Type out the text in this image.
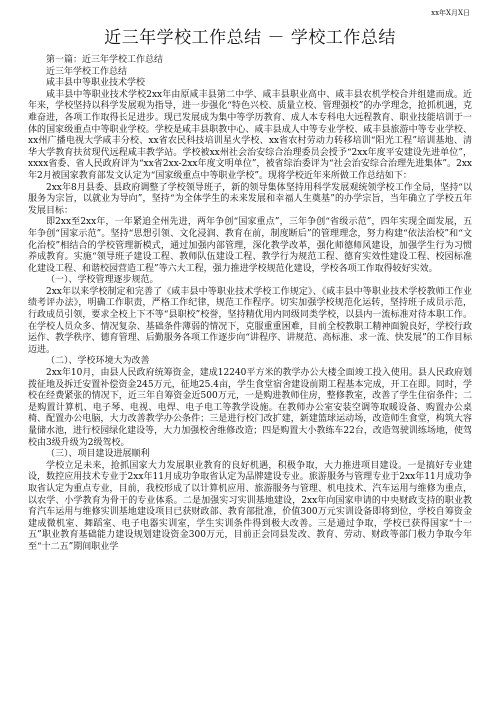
xx年X月X日
近三年学校工作总结 － 学校工作总结

第一篇：近三年学校工作总结

近三年学校工作总结

咸丰县中等职业技术学校

咸丰县中等职业技术学校2xx年由原咸丰县第二中学、咸丰县职业高中、咸丰县农机学校合并组建而成。近年来，学校坚持以科学发展观为指导，进一步强化“特色兴校、质量立校、管理强校”的办学理念，抢抓机遇，克难奋进，各项工作取得长足进步。现已发展成为集中等学历教育、成人本专科电大远程教育、职业技能培训于一体的国家级重点中等职业学校。学校是咸丰县职教中心、咸丰县成人中等专业学校、咸丰县旅游中等专业学校、xx州广播电视大学咸丰分校、xx省农民科技培训星火学校、xx省农村劳动力转移培训“阳光工程”培训基地、清华大学教育扶贫现代远程咸丰教学站。学校被xx州社会治安综合治理委员会授予“2xx年度平安建设先进单位”，xxxx省委、省人民政府评为“xx省2xx-2xx年度文明单位”，被省综治委评为“社会治安综合治理先进集体”。2xx年2月被国家教育部发文认定为“国家级重点中等职业学校”。现将学校近年来所做工作总结如下：

2xx年8月县委、县政府调整了学校领导班子，新的领导集体坚持用科学发展观统领学校工作全局，坚持“以服务为宗旨，以就业为导向”，坚持“为全体学生的未来发展和幸福人生奠基”的办学宗旨，当年确立了学校五年发展目标：

即2xx至2xx年，一年紧追全州先进，两年争创“国家重点”，三年争创“省级示范”，四年实现全面发展，五年争创“国家示范”。坚持“思想引领、文化浸润、教育在前，制度断后”的管理理念，努力构建“依法治校”和“文化治校”相结合的学校管理新模式，通过加强内部管理，深化教学改革，强化师德师风建设，加强学生行为习惯养成教育。实施“领导班子建设工程、教师队伍建设工程、教学行为规范工程、德育实效性建设工程、校园标准化建设工程、和谐校园营造工程”等六大工程，强力推进学校规范化建设，学校各项工作取得较好实效。

（一）、学校管理逐步规范。

2xx年以来学校制定和完善了《咸丰县中等职业技术学校工作规定》、《咸丰县中等职业技术学校教师工作业绩考评办法》，明确工作职责，严格工作纪律，规范工作程序。切实加强学校规范化运转，坚持班子成员示范，行政成员引领，要求全校上下不等“县职校”校誉，坚持精优用内同级同类学校，以县内一流标准对待本职工作。在学校人员众多、情况复杂、基础条件薄弱的情况下，克服重重困难，目前全校教职工精神面貌良好，学校行政运作、教学秩序、德育管理、后勤服务各项工作逐步向“讲程序、讲规范、高标准、求一流、快发展”的工作目标迈进。

（二）、学校环境大为改善

2xx年10月，由县人民政府统筹资金，建成12240平方米的教学办公大楼全面竣工投入使用。县人民政府划拨征地及拆迁安置补偿资金245万元，征地25.4亩，学生食堂宿舍建设前期工程基本完成，开工在即。同时，学校在经费紧张的情况下，近三年自筹资金近500万元，一是购进教师住房，整修教室，改善了学生住宿条件；二是购置计算机、电子琴、电视、电焊、电子电工等教学设施。在教师办公室安装空调等取暖设备、购置办公桌椅、配置办公电脑，大力改善教学办公条件；三是进行校门改扩建，新建篮球运动场，改造师生食堂，构筑大容量储水池，进行校园绿化建设等，大力加强校舍维修改造；四是购置大小教练车22台，改造驾驶训练场地，使驾校由3级升级为2级驾校。

（三）、项目建设进展顺利

学校立足未来，抢抓国家大力发展职业教育的良好机遇，积极争取，大力推进项目建设。一是搞好专业建设，数控应用技术专业于2xx年11月成功争取省认定为品牌建设专业。旅游服务与管理专业于2xx年11月成功争取省认定为重点专业，目前，我校形成了以计算机应用、旅游服务与管理、机电技术、汽车运用与维修为重点，以农学、小学教育为骨干的专业体系。二是加强实习实训基地建设，2xx年向国家申请的中央财政支持的职业教育汽车运用与维修实训基地建设项目已获财政部、教育部批准，价值300万元实训设备即将到位，学校自筹资金建成微机室、舞蹈室、电子电器实训室，学生实训条件得到极大改善。三是通过争取，学校已获得国家“十一五”职业教育基础能力建设规划建设资金300万元，目前正会同县发改、教育、劳动、财政等部门极力争取今年至“十二五”期间职业学
